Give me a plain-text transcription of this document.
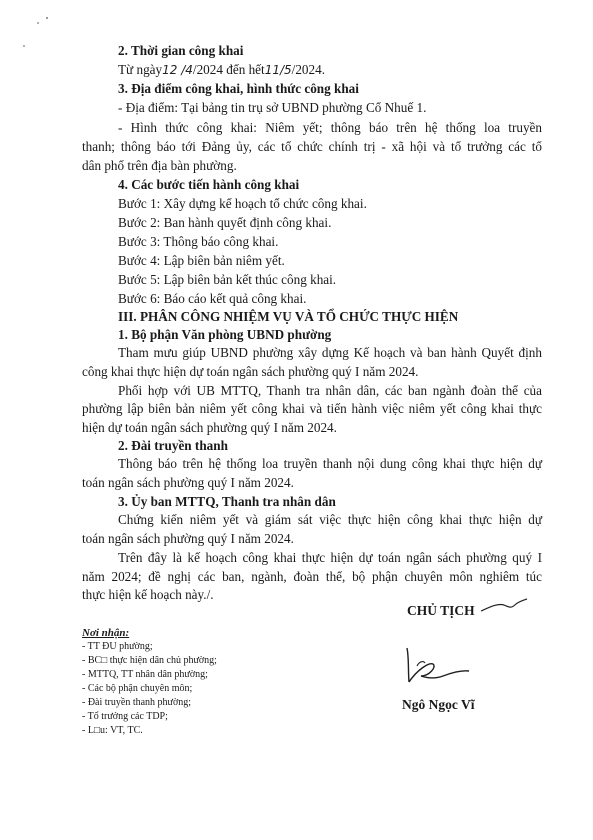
2. Thời gian công khai
Từ ngày12 /4/2024 đến hết11/5/2024.
3. Địa điểm công khai, hình thức công khai
- Địa điểm: Tại bảng tin trụ sở UBND phường Cổ Nhuế 1.
- Hình thức công khai: Niêm yết; thông báo trên hệ thống loa truyền
thanh; thông báo tới Đảng ủy, các tổ chức chính trị - xã hội và tổ trưởng các tổ
dân phố trên địa bàn phường.
4. Các bước tiến hành công khai
Bước 1: Xây dựng kế hoạch tổ chức công khai.
Bước 2: Ban hành quyết định công khai.
Bước 3: Thông báo công khai.
Bước 4: Lập biên bản niêm yết.
Bước 5: Lập biên bản kết thúc công khai.
Bước 6: Báo cáo kết quả công khai.
III. PHÂN CÔNG NHIỆM VỤ VÀ TỔ CHỨC THỰC HIỆN
1. Bộ phận Văn phòng UBND phường
Tham mưu giúp UBND phường xây dựng Kế hoạch và ban hành Quyết định
công khai thực hiện dự toán ngân sách phường quý I năm 2024.
Phối hợp với UB MTTQ, Thanh tra nhân dân, các ban ngành đoàn thể của
phường lập biên bản niêm yết công khai và tiến hành việc niêm yết công khai thực
hiện dự toán ngân sách phường quý I năm 2024.
2. Đài truyền thanh
Thông báo trên hệ thống loa truyền thanh nội dung công khai thực hiện dự
toán ngân sách phường quý I năm 2024.
3. Ủy ban MTTQ, Thanh tra nhân dân
Chứng kiến niêm yết và giám sát việc thực hiện công khai thực hiện dự
toán ngân sách phường quý I năm 2024.
Trên đây là kế hoạch công khai thực hiện dự toán ngân sách phường quý I
năm 2024; đề nghị các ban, ngành, đoàn thể, bộ phận chuyên môn nghiêm túc
thực hiện kế hoạch này./.
Nơi nhận:
- TT ĐU phường;
- BC□ thực hiện dân chủ phường;
- MTTQ, TT nhân dân phường;
- Các bộ phận chuyên môn;
- Đài truyền thanh phường;
- Tổ trưởng các TDP;
- L□u: VT, TC.
CHỦ TỊCH
Ngô Ngọc Vĩ
